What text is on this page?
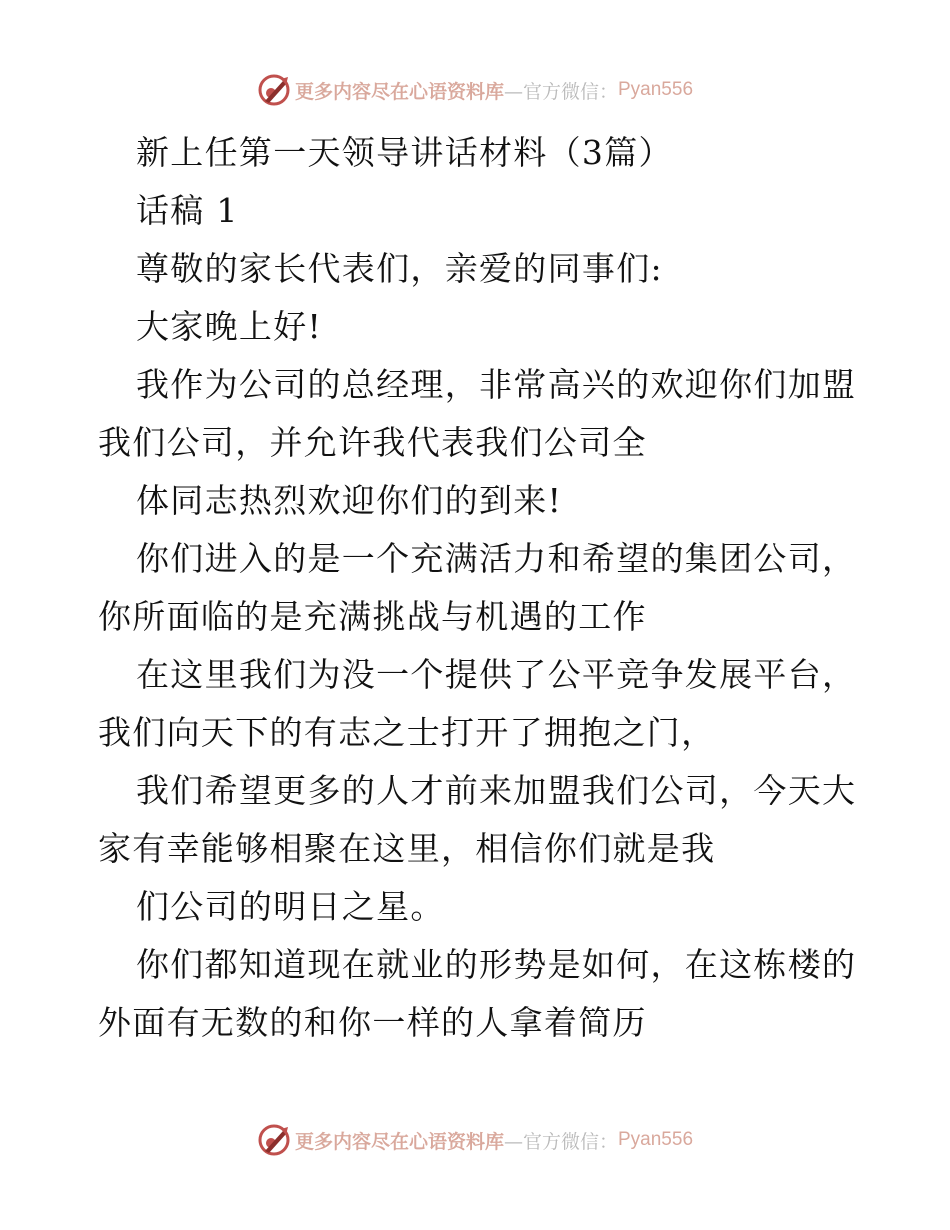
更多内容尽在心语资料库 —官方微信： Pyan556
新上任第一天领导讲话材料（3篇）
话稿 1
尊敬的家长代表们，亲爱的同事们:
大家晚上好!
我作为公司的总经理，非常高兴的欢迎你们加盟
我们公司，并允许我代表我们公司全
体同志热烈欢迎你们的到来!
你们进入的是一个充满活力和希望的集团公司，
你所面临的是充满挑战与机遇的工作
在这里我们为没一个提供了公平竞争发展平台，
我们向天下的有志之士打开了拥抱之门，
我们希望更多的人才前来加盟我们公司，今天大
家有幸能够相聚在这里，相信你们就是我
们公司的明日之星。
你们都知道现在就业的形势是如何，在这栋楼的
外面有无数的和你一样的人拿着简历
更多内容尽在心语资料库 —官方微信： Pyan556
